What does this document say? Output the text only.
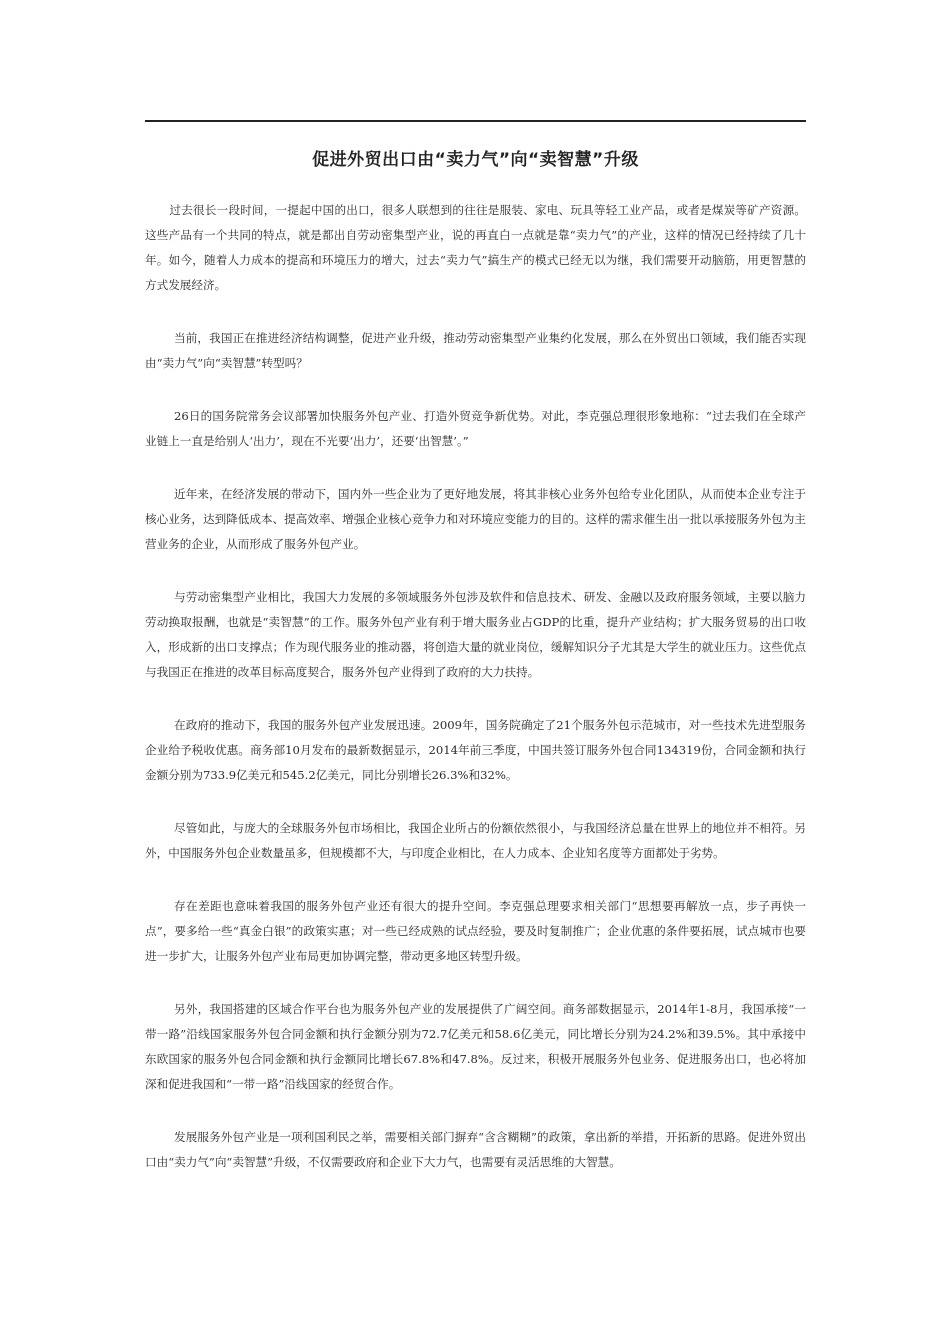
促进外贸出口由“卖力气”向“卖智慧”升级

过去很长一段时间，一提起中国的出口，很多人联想到的往往是服装、家电、玩具等轻工业产品，或者是煤炭等矿产资源。这些产品有一个共同的特点，就是都出自劳动密集型产业，说的再直白一点就是靠“卖力气”的产业，这样的情况已经持续了几十年。如今，随着人力成本的提高和环境压力的增大，过去“卖力气”搞生产的模式已经无以为继，我们需要开动脑筋，用更智慧的方式发展经济。

当前，我国正在推进经济结构调整，促进产业升级，推动劳动密集型产业集约化发展，那么在外贸出口领域，我们能否实现由“卖力气”向“卖智慧”转型吗？

26日的国务院常务会议部署加快服务外包产业、打造外贸竞争新优势。对此，李克强总理很形象地称：“过去我们在全球产业链上一直是给别人‘出力’，现在不光要‘出力’，还要‘出智慧’。”

近年来，在经济发展的带动下，国内外一些企业为了更好地发展，将其非核心业务外包给专业化团队，从而使本企业专注于核心业务，达到降低成本、提高效率、增强企业核心竞争力和对环境应变能力的目的。这样的需求催生出一批以承接服务外包为主营业务的企业，从而形成了服务外包产业。

与劳动密集型产业相比，我国大力发展的多领域服务外包涉及软件和信息技术、研发、金融以及政府服务领域，主要以脑力劳动换取报酬，也就是“卖智慧”的工作。服务外包产业有利于增大服务业占GDP的比重，提升产业结构；扩大服务贸易的出口收入，形成新的出口支撑点；作为现代服务业的推动器，将创造大量的就业岗位，缓解知识分子尤其是大学生的就业压力。这些优点与我国正在推进的改革目标高度契合，服务外包产业得到了政府的大力扶持。

在政府的推动下，我国的服务外包产业发展迅速。2009年，国务院确定了21个服务外包示范城市，对一些技术先进型服务企业给予税收优惠。商务部10月发布的最新数据显示，2014年前三季度，中国共签订服务外包合同134319份，合同金额和执行金额分别为733.9亿美元和545.2亿美元，同比分别增长26.3%和32%。

尽管如此，与庞大的全球服务外包市场相比，我国企业所占的份额依然很小，与我国经济总量在世界上的地位并不相符。另外，中国服务外包企业数量虽多，但规模都不大，与印度企业相比，在人力成本、企业知名度等方面都处于劣势。

存在差距也意味着我国的服务外包产业还有很大的提升空间。李克强总理要求相关部门“思想要再解放一点，步子再快一点”，要多给一些“真金白银”的政策实惠；对一些已经成熟的试点经验，要及时复制推广；企业优惠的条件要拓展，试点城市也要进一步扩大，让服务外包产业布局更加协调完整，带动更多地区转型升级。

另外，我国搭建的区域合作平台也为服务外包产业的发展提供了广阔空间。商务部数据显示，2014年1-8月，我国承接“一带一路”沿线国家服务外包合同金额和执行金额分别为72.7亿美元和58.6亿美元，同比增长分别为24.2%和39.5%。其中承接中东欧国家的服务外包合同金额和执行金额同比增长67.8%和47.8%。反过来，积极开展服务外包业务、促进服务出口，也必将加深和促进我国和“一带一路”沿线国家的经贸合作。

发展服务外包产业是一项利国利民之举，需要相关部门摒弃“含含糊糊”的政策，拿出新的举措，开拓新的思路。促进外贸出口由“卖力气”向“卖智慧”升级，不仅需要政府和企业下大力气，也需要有灵活思维的大智慧。
